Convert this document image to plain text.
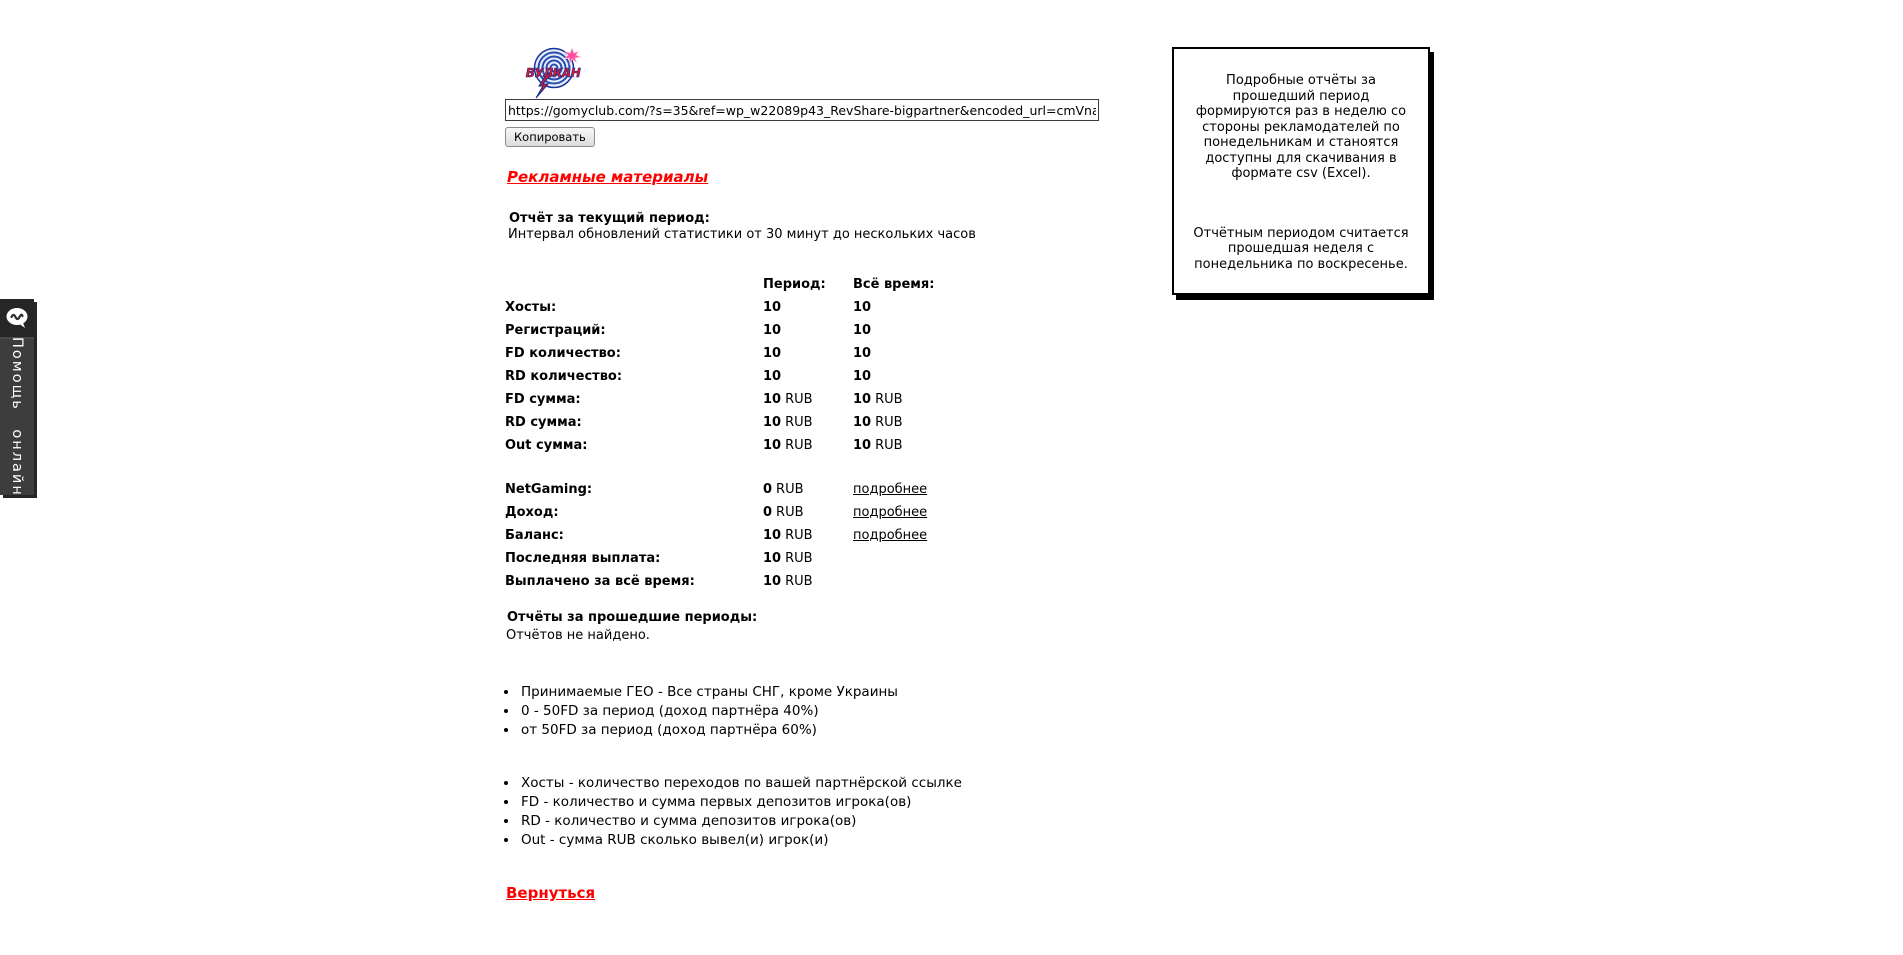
ВУЛКАН
https://gomyclub.com/?s=35&ref=wp_w22089p43_RevShare-bigpartner&encoded_url=cmVnaXN0
Копировать
Рекламные материалы
Отчёт за текущий период:
Интервал обновлений статистики от 30 минут до нескольких часов
Период:	Всё время:
Хосты:	10	10
Регистраций:	10	10
FD количество:	10	10
RD количество:	10	10
FD сумма:	10 RUB	10 RUB
RD сумма:	10 RUB	10 RUB
Out сумма:	10 RUB	10 RUB
NetGaming:	0 RUB	подробнее
Доход:	0 RUB	подробнее
Баланс:	10 RUB	подробнее
Последняя выплата:	10 RUB
Выплачено за всё время:	10 RUB
Отчёты за прошедшие периоды:
Отчётов не найдено.
• Принимаемые ГЕО - Все страны СНГ, кроме Украины
• 0 - 50FD за период (доход партнёра 40%)
• от 50FD за период (доход партнёра 60%)
• Хосты - количество переходов по вашей партнёрской ссылке
• FD - количество и сумма первых депозитов игрока(ов)
• RD - количество и сумма депозитов игрока(ов)
• Out - сумма RUB сколько вывел(и) игрок(и)
Вернуться

Подробные отчёты за прошедший период формируются раз в неделю со стороны рекламодателей по понедельникам и станоятся доступны для скачивания в формате csv (Excel).

Отчётным периодом считается прошедшая неделя с понедельника по воскресенье.

Помощь онлайн
